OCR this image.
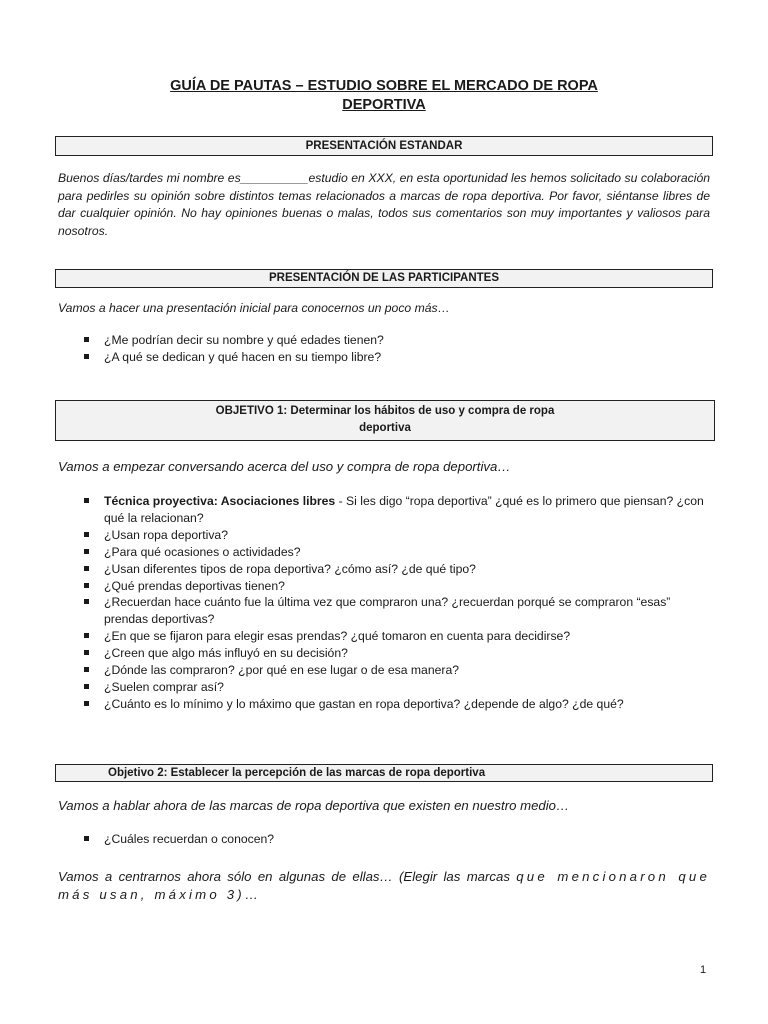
GUÍA DE PAUTAS – ESTUDIO SOBRE EL MERCADO DE ROPA
DEPORTIVA
PRESENTACIÓN ESTANDAR
Buenos días/tardes mi nombre es__________estudio en XXX, en esta oportunidad les hemos solicitado su colaboración para pedirles su opinión sobre distintos temas relacionados a marcas de ropa deportiva. Por favor, siéntanse libres de dar cualquier opinión. No hay opiniones buenas o malas, todos sus comentarios son muy importantes y valiosos para nosotros.
PRESENTACIÓN DE LAS PARTICIPANTES
Vamos a hacer una presentación inicial para conocernos un poco más…
¿Me podrían decir su nombre y qué edades tienen?
¿A qué se dedican y qué hacen en su tiempo libre?
OBJETIVO 1: Determinar los hábitos de uso y compra de ropa
deportiva
Vamos a empezar conversando acerca del uso y compra de ropa deportiva…
Técnica proyectiva: Asociaciones libres - Si les digo “ropa deportiva” ¿qué es lo primero que piensan? ¿con qué la relacionan?
¿Usan ropa deportiva?
¿Para qué ocasiones o actividades?
¿Usan diferentes tipos de ropa deportiva? ¿cómo así? ¿de qué tipo?
¿Qué prendas deportivas tienen?
¿Recuerdan hace cuánto fue la última vez que compraron una? ¿recuerdan porqué se compraron “esas” prendas deportivas?
¿En que se fijaron para elegir esas prendas? ¿qué tomaron en cuenta para decidirse?
¿Creen que algo más influyó en su decisión?
¿Dónde las compraron? ¿por qué en ese lugar o de esa manera?
¿Suelen comprar así?
¿Cuánto es lo mínimo y lo máximo que gastan en ropa deportiva? ¿depende de algo? ¿de qué?
Objetivo 2: Establecer la percepción de las marcas de ropa deportiva
Vamos a hablar ahora de las marcas de ropa deportiva que existen en nuestro medio…
¿Cuáles recuerdan o conocen?
Vamos a centrarnos ahora sólo en algunas de ellas… (Elegir las marcas que mencionaron que más usan, máximo 3)…
1
